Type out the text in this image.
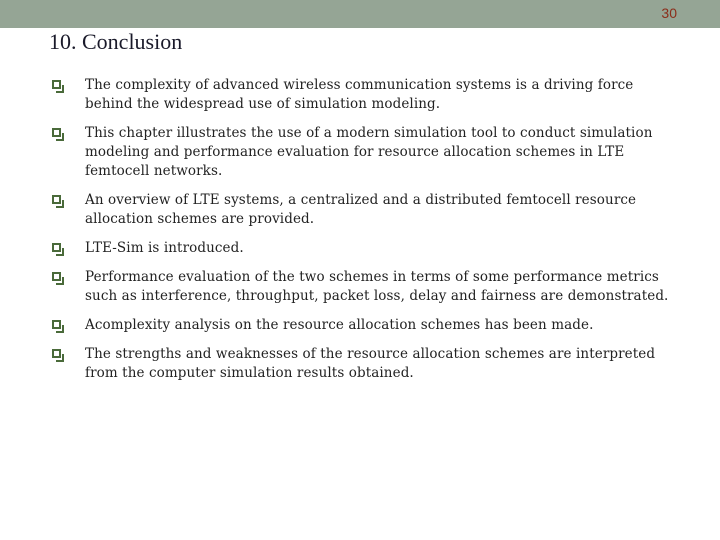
30
10. Conclusion
The complexity of advanced wireless communication systems is a driving force behind the widespread use of simulation modeling.
This chapter illustrates the use of a modern simulation tool to conduct simulation modeling and performance evaluation for resource allocation schemes in LTE femtocell networks.
An overview of LTE systems, a centralized and a distributed femtocell resource allocation schemes are provided.
LTE-Sim is introduced.
Performance evaluation of the two schemes in terms of some performance metrics such as interference, throughput, packet loss, delay and fairness are demonstrated.
Acomplexity analysis on the resource allocation schemes has been made.
The strengths and weaknesses of the resource allocation schemes are interpreted from the computer simulation results obtained.
